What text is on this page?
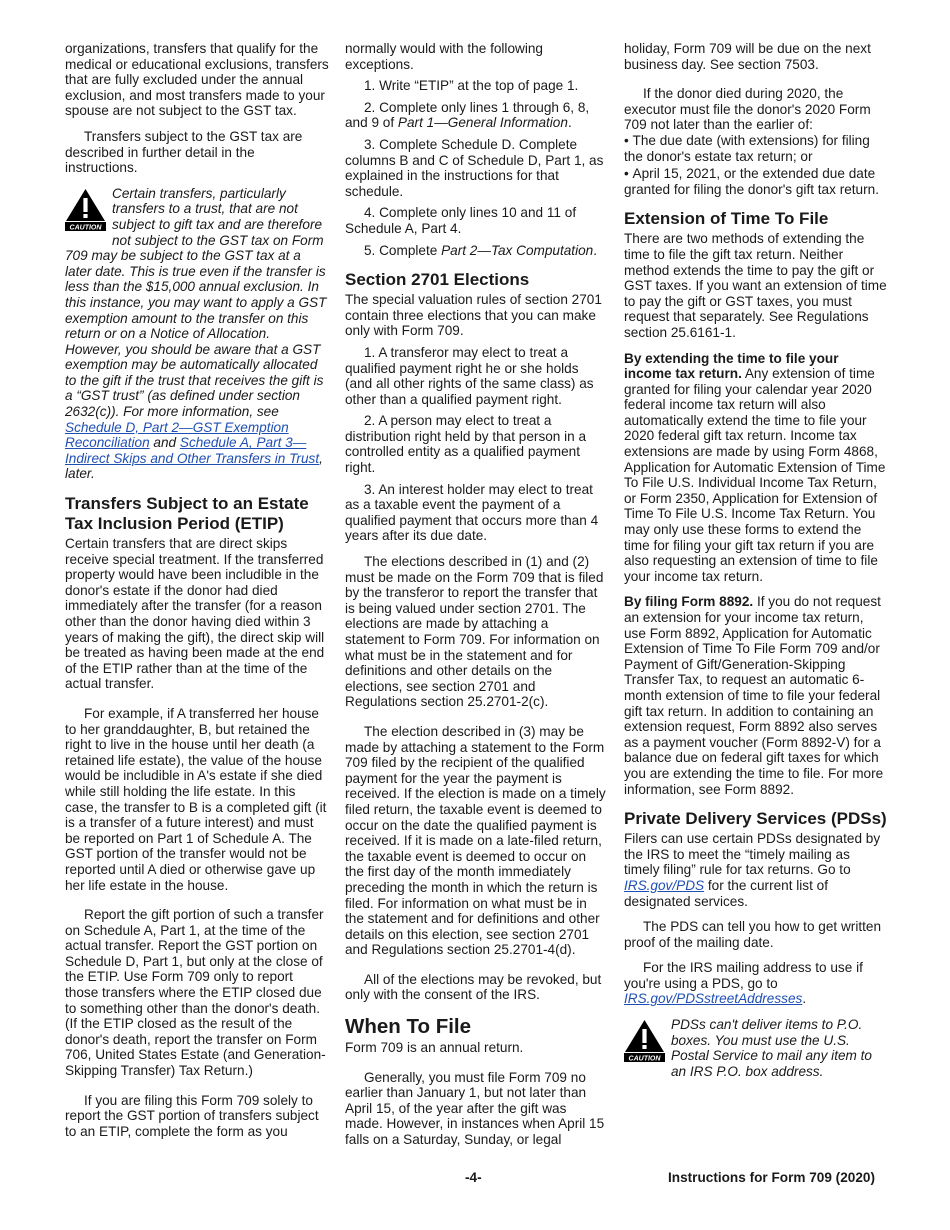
organizations, transfers that qualify for the medical or educational exclusions, transfers that are fully excluded under the annual exclusion, and most transfers made to your spouse are not subject to the GST tax.

Transfers subject to the GST tax are described in further detail in the instructions.

CAUTION
Certain transfers, particularly transfers to a trust, that are not subject to gift tax and are therefore not subject to the GST tax on Form 709 may be subject to the GST tax at a later date. This is true even if the transfer is less than the $15,000 annual exclusion. In this instance, you may want to apply a GST exemption amount to the transfer on this return or on a Notice of Allocation. However, you should be aware that a GST exemption may be automatically allocated to the gift if the trust that receives the gift is a “GST trust” (as defined under section 2632(c)). For more information, see Schedule D, Part 2—GST Exemption Reconciliation and Schedule A, Part 3—Indirect Skips and Other Transfers in Trust, later.
Transfers Subject to an Estate Tax Inclusion Period (ETIP)

Certain transfers that are direct skips receive special treatment. If the transferred property would have been includible in the donor's estate if the donor had died immediately after the transfer (for a reason other than the donor having died within 3 years of making the gift), the direct skip will be treated as having been made at the end of the ETIP rather than at the time of the actual transfer.

For example, if A transferred her house to her granddaughter, B, but retained the right to live in the house until her death (a retained life estate), the value of the house would be includible in A's estate if she died while still holding the life estate. In this case, the transfer to B is a completed gift (it is a transfer of a future interest) and must be reported on Part 1 of Schedule A. The GST portion of the transfer would not be reported until A died or otherwise gave up her life estate in the house.

Report the gift portion of such a transfer on Schedule A, Part 1, at the time of the actual transfer. Report the GST portion on Schedule D, Part 1, but only at the close of the ETIP. Use Form 709 only to report those transfers where the ETIP closed due to something other than the donor's death. (If the ETIP closed as the result of the donor's death, report the transfer on Form 706, United States Estate (and Generation-Skipping Transfer) Tax Return.)

If you are filing this Form 709 solely to report the GST portion of transfers subject to an ETIP, complete the form as you

normally would with the following exceptions.

1. Write “ETIP” at the top of page 1.

2. Complete only lines 1 through 6, 8, and 9 of Part 1—General Information.

3. Complete Schedule D. Complete columns B and C of Schedule D, Part 1, as explained in the instructions for that schedule.

4. Complete only lines 10 and 11 of Schedule A, Part 4.

5. Complete Part 2—Tax Computation.

Section 2701 Elections

The special valuation rules of section 2701 contain three elections that you can make only with Form 709.

1. A transferor may elect to treat a qualified payment right he or she holds (and all other rights of the same class) as other than a qualified payment right.

2. A person may elect to treat a distribution right held by that person in a controlled entity as a qualified payment right.

3. An interest holder may elect to treat as a taxable event the payment of a qualified payment that occurs more than 4 years after its due date.

The elections described in (1) and (2) must be made on the Form 709 that is filed by the transferor to report the transfer that is being valued under section 2701. The elections are made by attaching a statement to Form 709. For information on what must be in the statement and for definitions and other details on the elections, see section 2701 and Regulations section 25.2701-2(c).

The election described in (3) may be made by attaching a statement to the Form 709 filed by the recipient of the qualified payment for the year the payment is received. If the election is made on a timely filed return, the taxable event is deemed to occur on the date the qualified payment is received. If it is made on a late-filed return, the taxable event is deemed to occur on the first day of the month immediately preceding the month in which the return is filed. For information on what must be in the statement and for definitions and other details on this election, see section 2701 and Regulations section 25.2701-4(d).

All of the elections may be revoked, but only with the consent of the IRS.

When To File

Form 709 is an annual return.

Generally, you must file Form 709 no earlier than January 1, but not later than April 15, of the year after the gift was made. However, in instances when April 15 falls on a Saturday, Sunday, or legal

holiday, Form 709 will be due on the next business day. See section 7503.

If the donor died during 2020, the executor must file the donor's 2020 Form 709 not later than the earlier of:

• The due date (with extensions) for filing the donor's estate tax return; or

• April 15, 2021, or the extended due date granted for filing the donor's gift tax return.

Extension of Time To File

There are two methods of extending the time to file the gift tax return. Neither method extends the time to pay the gift or GST taxes. If you want an extension of time to pay the gift or GST taxes, you must request that separately. See Regulations section 25.6161-1.

By extending the time to file your income tax return. Any extension of time granted for filing your calendar year 2020 federal income tax return will also automatically extend the time to file your 2020 federal gift tax return. Income tax extensions are made by using Form 4868, Application for Automatic Extension of Time To File U.S. Individual Income Tax Return, or Form 2350, Application for Extension of Time To File U.S. Income Tax Return. You may only use these forms to extend the time for filing your gift tax return if you are also requesting an extension of time to file your income tax return.

By filing Form 8892. If you do not request an extension for your income tax return, use Form 8892, Application for Automatic Extension of Time To File Form 709 and/or Payment of Gift/Generation-Skipping Transfer Tax, to request an automatic 6-month extension of time to file your federal gift tax return. In addition to containing an extension request, Form 8892 also serves as a payment voucher (Form 8892-V) for a balance due on federal gift taxes for which you are extending the time to file. For more information, see Form 8892.

Private Delivery Services (PDSs)

Filers can use certain PDSs designated by the IRS to meet the “timely mailing as timely filing” rule for tax returns. Go to IRS.gov/PDS for the current list of designated services.

The PDS can tell you how to get written proof of the mailing date.

For the IRS mailing address to use if you're using a PDS, go to IRS.gov/PDSstreetAddresses.

CAUTION
PDSs can't deliver items to P.O. boxes. You must use the U.S. Postal Service to mail any item to an IRS P.O. box address.
-4-	Instructions for Form 709 (2020)
